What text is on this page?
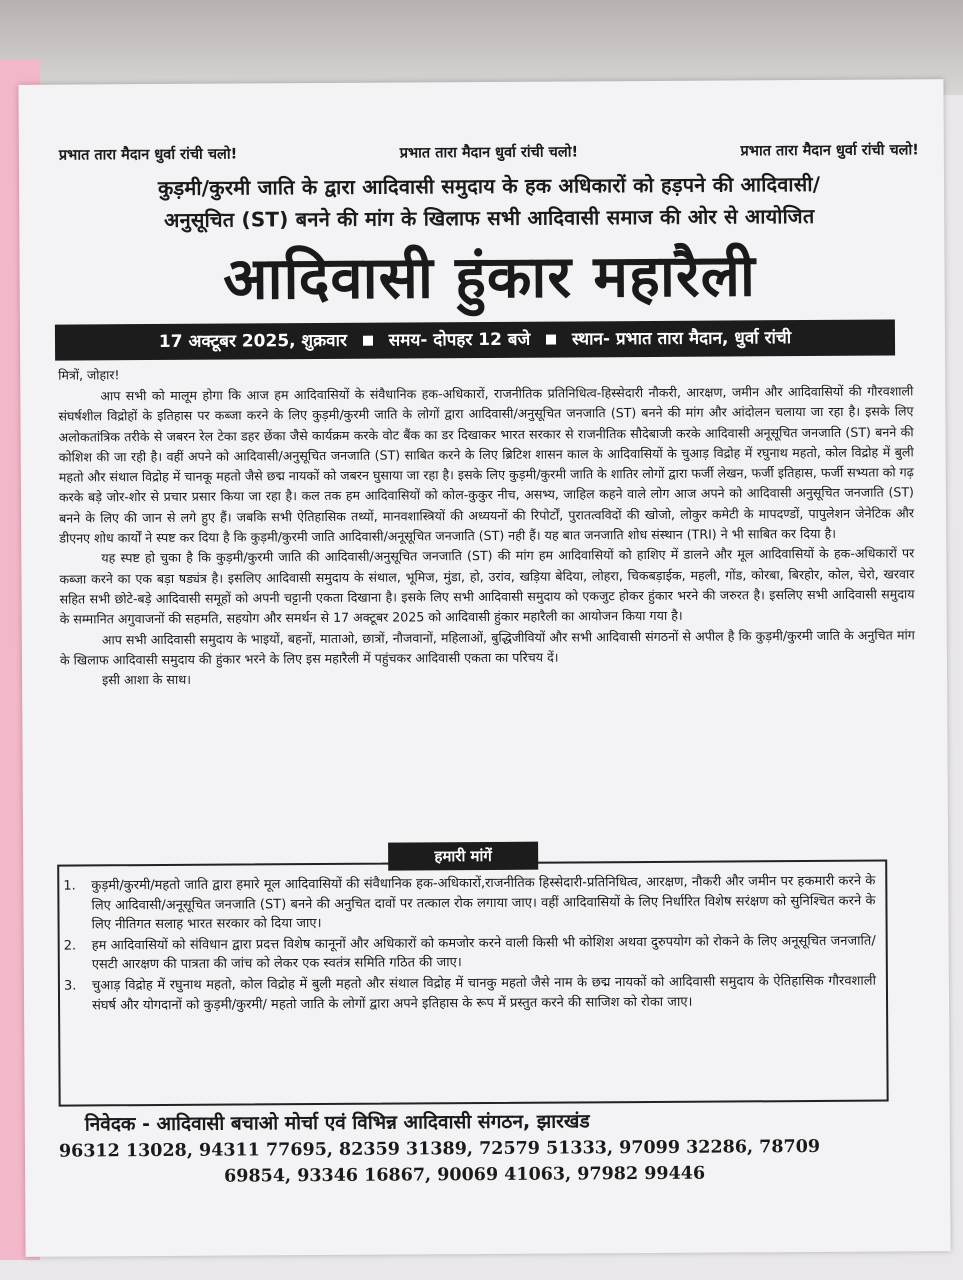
प्रभात तारा मैदान धुर्वा रांची चलो!	प्रभात तारा मैदान धुर्वा रांची चलो!	प्रभात तारा मैदान धुर्वा रांची चलो!
कुड़मी/कुरमी जाति के द्वारा आदिवासी समुदाय के हक अधिकारों को हड़पने की आदिवासी/
अनुसूचित (ST) बनने की मांग के खिलाफ सभी आदिवासी समाज की ओर से आयोजित
आदिवासी हुंकार महारैली
17 अक्टूबर 2025, शुक्रवार समय- दोपहर 12 बजे स्थान- प्रभात तारा मैदान, धुर्वा रांची
मित्रों, जोहार!

आप सभी को मालूम होगा कि आज हम आदिवासियों के संवैधानिक हक-अधिकारों, राजनीतिक प्रतिनिधित्व-हिस्सेदारी नौकरी, आरक्षण, जमीन और आदिवासियों की गौरवशाली संघर्षशील विद्रोहों के इतिहास पर कब्जा करने के लिए कुड़मी/कुरमी जाति के लोगों द्वारा आदिवासी/अनुसूचित जनजाति (ST) बनने की मांग और आंदोलन चलाया जा रहा है। इसके लिए अलोकतांत्रिक तरीके से जबरन रेल टेका डहर छेंका जैसे कार्यक्रम करके वोट बैंक का डर दिखाकर भारत सरकार से राजनीतिक सौदेबाजी करके आदिवासी अनूसूचित जनजाति (ST) बनने की कोशिश की जा रही है। वहीं अपने को आदिवासी/अनुसूचित जनजाति (ST) साबित करने के लिए ब्रिटिश शासन काल के आदिवासियों के चुआड़ विद्रोह में रघुनाथ महतो, कोल विद्रोह में बुली महतो और संथाल विद्रोह में चानकू महतो जैसे छद्म नायकों को जबरन घुसाया जा रहा है। इसके लिए कुड़मी/कुरमी जाति के शातिर लोगों द्वारा फर्जी लेखन, फर्जी इतिहास, फर्जी सभ्यता को गढ़ करके बड़े जोर-शोर से प्रचार प्रसार किया जा रहा है। कल तक हम आदिवासियों को कोल-कुकुर नीच, असभ्य, जाहिल कहने वाले लोग आज अपने को आदिवासी अनुसूचित जनजाति (ST) बनने के लिए की जान से लगे हुए हैं। जबकि सभी ऐतिहासिक तथ्यों, मानवशास्त्रियों की अध्ययनों की रिपोर्टों, पुरातत्वविदों की खोजो, लोकुर कमेटी के मापदण्डों, पापुलेशन जेनेटिक और डीएनए शोध कार्यों ने स्पष्ट कर दिया है कि कुड़मी/कुरमी जाति आदिवासी/अनूसूचित जनजाति (ST) नही हैं। यह बात जनजाति शोध संस्थान (TRI) ने भी साबित कर दिया है।

यह स्पष्ट हो चुका है कि कुड़मी/कुरमी जाति की आदिवासी/अनुसूचित जनजाति (ST) की मांग हम आदिवासियों को हाशिए में डालने और मूल आदिवासियों के हक-अधिकारों पर कब्जा करने का एक बड़ा षड्यंत्र है। इसलिए आदिवासी समुदाय के संथाल, भूमिज, मुंडा, हो, उरांव, खड़िया बेदिया, लोहरा, चिकबड़ाईक, महली, गोंड, कोरबा, बिरहोर, कोल, चेरो, खरवार सहित सभी छोटे-बड़े आदिवासी समूहों को अपनी चट्टानी एकता दिखाना है। इसके लिए सभी आदिवासी समुदाय को एकजुट होकर हुंकार भरने की जरुरत है। इसलिए सभी आदिवासी समुदाय के सम्मानित अगुवाजनों की सहमति, सहयोग और समर्थन से 17 अक्टूबर 2025 को आदिवासी हुंकार महारैली का आयोजन किया गया है।

आप सभी आदिवासी समुदाय के भाइयों, बहनों, माताओ, छात्रों, नौजवानों, महिलाओं, बुद्धिजीवियों और सभी आदिवासी संगठनों से अपील है कि कुड़मी/कुरमी जाति के अनुचित मांग के खिलाफ आदिवासी समुदाय की हुंकार भरने के लिए इस महारैली में पहुंचकर आदिवासी एकता का परिचय दें।

इसी आशा के साथ।

हमारी मांगें
1.	कुड़मी/कुरमी/महतो जाति द्वारा हमारे मूल आदिवासियों की संवैधानिक हक-अधिकारों,राजनीतिक हिस्सेदारी-प्रतिनिधित्व, आरक्षण, नौकरी और जमीन पर हकमारी करने के लिए आदिवासी/अनूसूचित जनजाति (ST) बनने की अनुचित दावों पर तत्काल रोक लगाया जाए। वहीं आदिवासियों के लिए निर्धारित विशेष सरंक्षण को सुनिश्चित करने के लिए नीतिगत सलाह भारत सरकार को दिया जाए।
2.	हम आदिवासियों को संविधान द्वारा प्रदत्त विशेष कानूनों और अधिकारों को कमजोर करने वाली किसी भी कोशिश अथवा दुरुपयोग को रोकने के लिए अनूसूचित जनजाति/एसटी आरक्षण की पात्रता की जांच को लेकर एक स्वतंत्र समिति गठित की जाए।
3.	चुआड़ विद्रोह में रघुनाथ महतो, कोल विद्रोह में बुली महतो और संथाल विद्रोह में चानकु महतो जैसे नाम के छद्म नायकों को आदिवासी समुदाय के ऐतिहासिक गौरवशाली संघर्ष और योगदानों को कुड़मी/कुरमी/ महतो जाति के लोगों द्वारा अपने इतिहास के रूप में प्रस्तुत करने की साजिश को रोका जाए।
निवेदक - आदिवासी बचाओ मोर्चा एवं विभिन्न आदिवासी संगठन, झारखंड
96312 13028, 94311 77695, 82359 31389, 72579 51333, 97099 32286, 78709
69854, 93346 16867, 90069 41063, 97982 99446
